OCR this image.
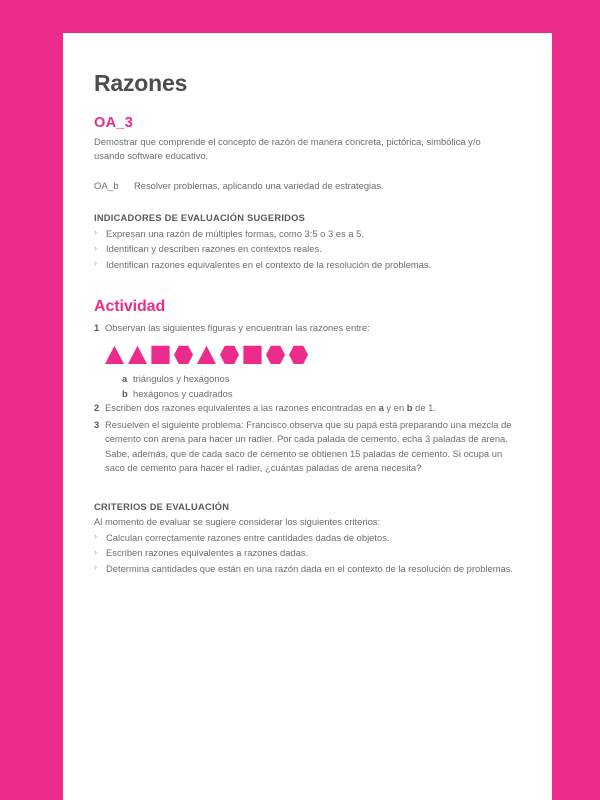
Razones
OA_3

Demostrar que comprende el concepto de razón de manera concreta, pictórica, simbólica y/o usando software educativo.

OA_b	Resolver problemas, aplicando una variedad de estrategias.
INDICADORES DE EVALUACIÓN SUGERIDOS
› Expresan una razón de múltiples formas, como 3:5 o 3 es a 5.
› Identifican y describen razones en contextos reales.
› Identifican razones equivalentes en el contexto de la resolución de problemas.
Actividad
1 Observan las siguientes figuras y encuentran las razones entre:
a triángulos y hexágonos
b hexágonos y cuadrados
2 Escriben dos razones equivalentes a las razones encontradas en a y en b de 1.
3 Resuelven el siguiente problema: Francisco observa que su papá está preparando una mezcla de cemento con arena para hacer un radier. Por cada palada de cemento, echa 3 paladas de arena. Sabe, además, que de cada saco de cemento se obtienen 15 paladas de cemento. Si ocupa un saco de cemento para hacer el radier, ¿cuántas paladas de arena necesita?
CRITERIOS DE EVALUACIÓN

Al momento de evaluar se sugiere considerar los siguientes criterios:

› Calculan correctamente razones entre cantidades dadas de objetos.
› Escriben razones equivalentes a razones dadas.
› Determina cantidades que están en una razón dada en el contexto de la resolución de problemas.
